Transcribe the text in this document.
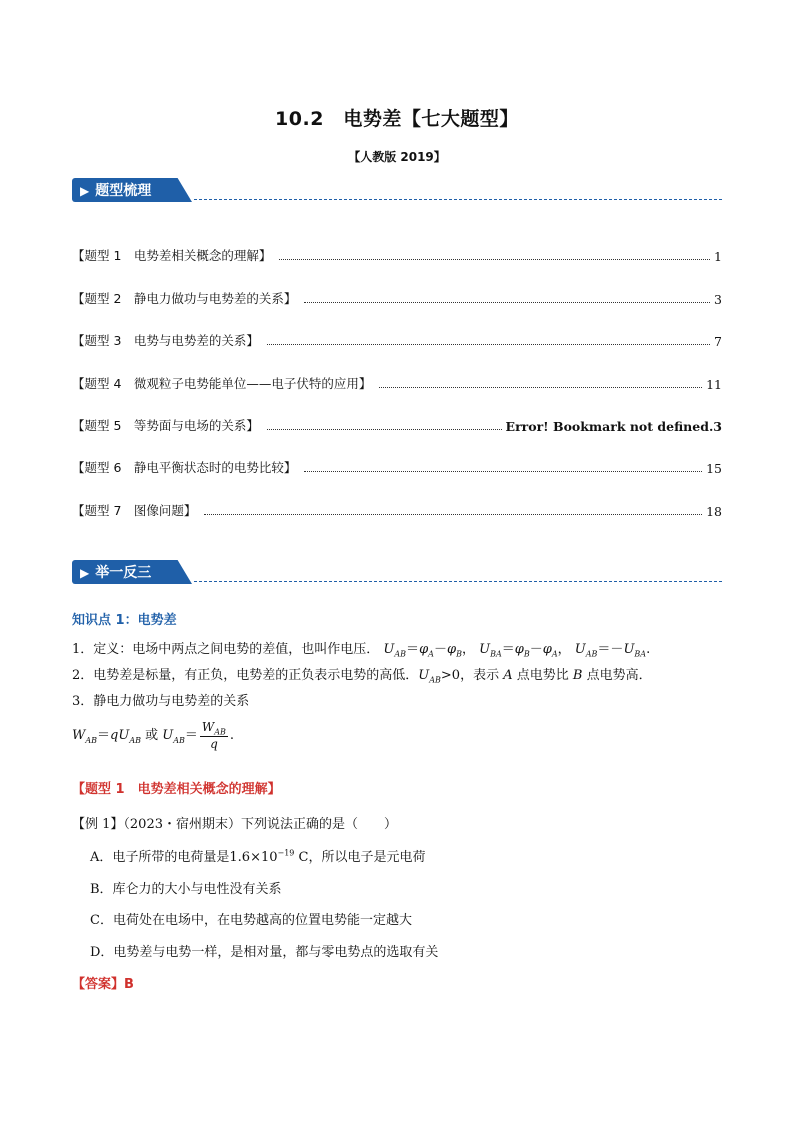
10.2　电势差【七大题型】
【人教版 2019】
▶ 题型梳理
【题型 1　电势差相关概念的理解】	1
【题型 2　静电力做功与电势差的关系】	3
【题型 3　电势与电势差的关系】	7
【题型 4　微观粒子电势能单位——电子伏特的应用】	11
【题型 5　等势面与电场的关系】	Error! Bookmark not defined.3
【题型 6　静电平衡状态时的电势比较】	15
【题型 7　图像问题】	18
▶ 举一反三
知识点 1：电势差
1．定义：电场中两点之间电势的差值，也叫作电压． $U_{AB}=\varphi_A-\varphi_B$， $U_{BA}=\varphi_B-\varphi_A$， $U_{AB}=-U_{BA}$.
2．电势差是标量，有正负，电势差的正负表示电势的高低．$U_{AB}>0$，表示 A 点电势比 B 点电势高．
3．静电力做功与电势差的关系
$W_{AB}=qU_{AB}$ 或 $U_{AB}= \frac{W_{AB}}{q}$ .
【题型 1　电势差相关概念的理解】
【例 1】（2023・宿州期末）下列说法正确的是（　　）
A．电子所带的电荷量是$1.6\times 10^{-19}$ C，所以电子是元电荷
B．库仑力的大小与电性没有关系
C．电荷处在电场中，在电势越高的位置电势能一定越大
D．电势差与电势一样，是相对量，都与零电势点的选取有关
【答案】B
